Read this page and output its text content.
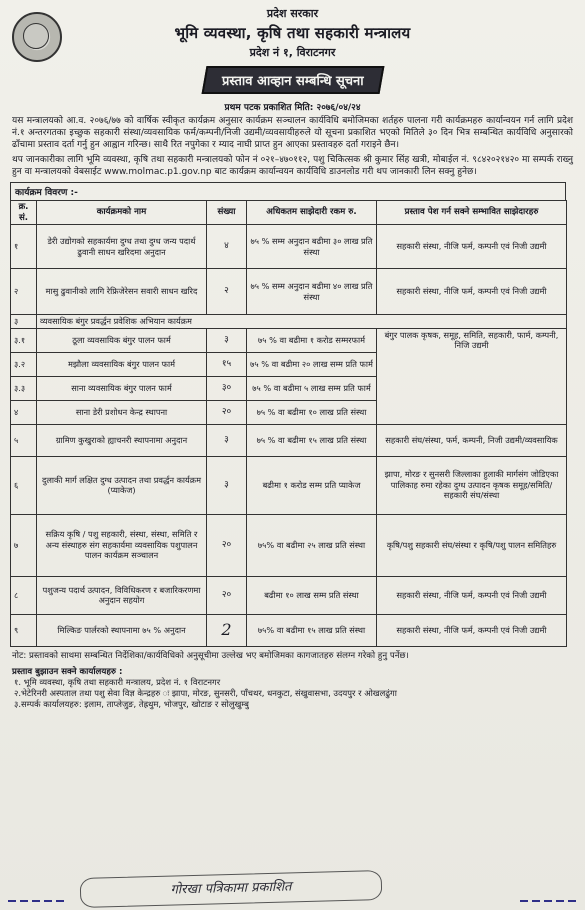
प्रदेश सरकार
भूमि व्यवस्था, कृषि तथा सहकारी मन्त्रालय
प्रदेश नं १, विराटनगर
प्रस्ताव आव्हान सम्बन्धि सूचना
प्रथम पटक प्रकाशित मिति: २०७६/०४/२४
यस मन्त्रालयको आ.व. २०७६/७७ को वार्षिक स्वीकृत कार्यक्रम अनुसार कार्यक्रम सञ्चालन कार्यविधि बमोजिमका शर्तहरु पालना गरी कार्यक्रमहरु कार्यान्वयन गर्न लागि प्रदेश नं.१ अन्तरगतका इच्छुक सहकारी संस्था/व्यवसायिक फर्म/कम्पनी/निजी उद्यमी/व्यवसायीहरुले यो सूचना प्रकाशित भएको मितिले ३० दिन भित्र सम्बन्धित कार्यविधि अनुसारको ढाँचामा प्रस्ताव दर्ता गर्नु हुन आह्वान गरिन्छ। साथै रित नपुगेका र म्याद नाघी प्राप्त हुन आएका प्रस्तावहरु दर्ता गराइने छैन।
थप जानकारीका लागि भूमि व्यवस्था, कृषि तथा सहकारी मन्त्रालयको फोन नं ०२१–४७०११२, पशु चिकित्सक श्री कुमार सिंह खत्री, मोबाईल नं. ९८४२०२१४२० मा सम्पर्क राख्नु हुन वा मन्त्रालयको वेबसाईट www.molmac.p1.gov.np बाट कार्यक्रम कार्यान्वयन कार्यविधि डाउनलोड गरी थप जानकारी लिन सक्नु हुनेछ।
कार्यक्रम विवरण :-
क्र. सं.	कार्यक्रमको नाम	संख्या	अधिकतम साझेदारी रकम रु.	प्रस्ताव पेश गर्न सक्ने सम्भावित साझेदारहरु
१	डेरी उद्योगको सहकार्यमा दुग्ध तथा दुग्ध जन्य पदार्थ ढुवानी साधन खरिदमा अनुदान	४	७५ % सम्म अनुदान बढीमा ३० लाख प्रति संस्था	सहकारी संस्था, नीजि फर्म, कम्पनी एवं निजी उद्यमी
२	मासु ढुवानीको लागि रेफ्रिजेरेसन सवारी साधन खरिद	२	७५ % सम्म अनुदान बढीमा ४० लाख प्रति संस्था	सहकारी संस्था, नीजि फर्म, कम्पनी एवं निजी उद्यमी
३	व्यवसायिक बंगुर प्रवर्द्धन प्रवेशिक अभियान कार्यक्रम			
३.१	ठूला व्यवसायिक बंगुर पालन फार्म	३	७५ % वा बढीमा १ करोड सम्मरफार्म	बंगुर पालक कृषक, समूह, समिति, सहकारी, फार्म, कम्पनी, निजि उद्यमी
३.२	मझौला व्यवसायिक बंगुर पालन फार्म	१५	७५ % वा बढीमा २० लाख सम्म प्रति फार्म	
३.३	साना व्यवसायिक बंगुर पालन फार्म	३०	७५ % वा बढीमा ५ लाख सम्म प्रति फार्म	
४	साना डेरी प्रशोधन केन्द्र स्थापना	२०	७५ % वा बढीमा १० लाख प्रति संस्था	
५	ग्रामिण कुखुराको ह्याचनरी स्थापनामा अनुदान	३	७५ % वा बढीमा १५ लाख प्रति संस्था	सहकारी संघ/संस्था, फर्म, कम्पनी, निजी उद्यमी/व्यवसायिक
६	दुलाकी मार्ग लक्षित दुग्ध उत्पादन तथा प्रवर्द्धन कार्यक्रम (प्याकेज)	३	बढीमा १ करोड सम्म प्रति प्याकेज	झापा, मोरङ र सुनसरी जिल्लाका हुलाकी मार्गसंग जोडिएका पालिकाह रुमा रहेका दुग्ध उत्पादन कृषक समूह/समिति/सहकारी संघ/संस्था
७	सक्रिय कृषि / पशु सहकारी, संस्था, संस्था, समिति र अन्य संस्थाहरु संग सहकार्यमा व्यवसायिक पशुपालन पालन कार्यक्रम सञ्चालन	२०	७५% वा बढीमा २५ लाख प्रति संस्था	कृषि/पशु सहकारी संघ/संस्था र कृषि/पशु पालन समितिहरु
८	पशुजन्य पदार्थ उत्पादन, विविधिकरण र बजारिकरणमा अनुदान सहयोग	२०	बढीमा १० लाख सम्म प्रति संस्था	सहकारी संस्था, नीजि फर्म, कम्पनी एवं निजी उद्यमी
९	मिल्किङ पार्लरको स्थापनामा ७५ % अनुदान	2	७५% वा बढीमा १५ लाख प्रति संस्था	सहकारी संस्था, नीजि फर्म, कम्पनी एवं निजी उद्यमी
नोट: प्रस्तावको साथमा सम्बन्धित निर्देशिका/कार्यविधिको अनुसूचीमा उल्लेख भए बमोजिमका कागजातहरु संलग्न गरेको हुनु पर्नेछ।
प्रस्ताव बुझाउन सक्ने कार्यालयहरु :
१. भूमि व्यवस्था, कृषि तथा सहकारी मन्त्रालय, प्रदेश नं. १ विराटनगर
२.भेटेरिनरी अस्पताल तथा पशु सेवा विज्ञ केन्द्रहरु ः झापा, मोरङ, सुनसरी, पाँचथर, धनकुटा, संखुवासभा, उदयपुर र ओखलढुंगा
३.सम्पर्क कार्यालयहरु: इलाम, ताप्लेजुङ, तेह्रथुम, भोजपुर, खोटाङ र सोलुखुम्बु
गोरखा पत्रिकामा प्रकाशित
